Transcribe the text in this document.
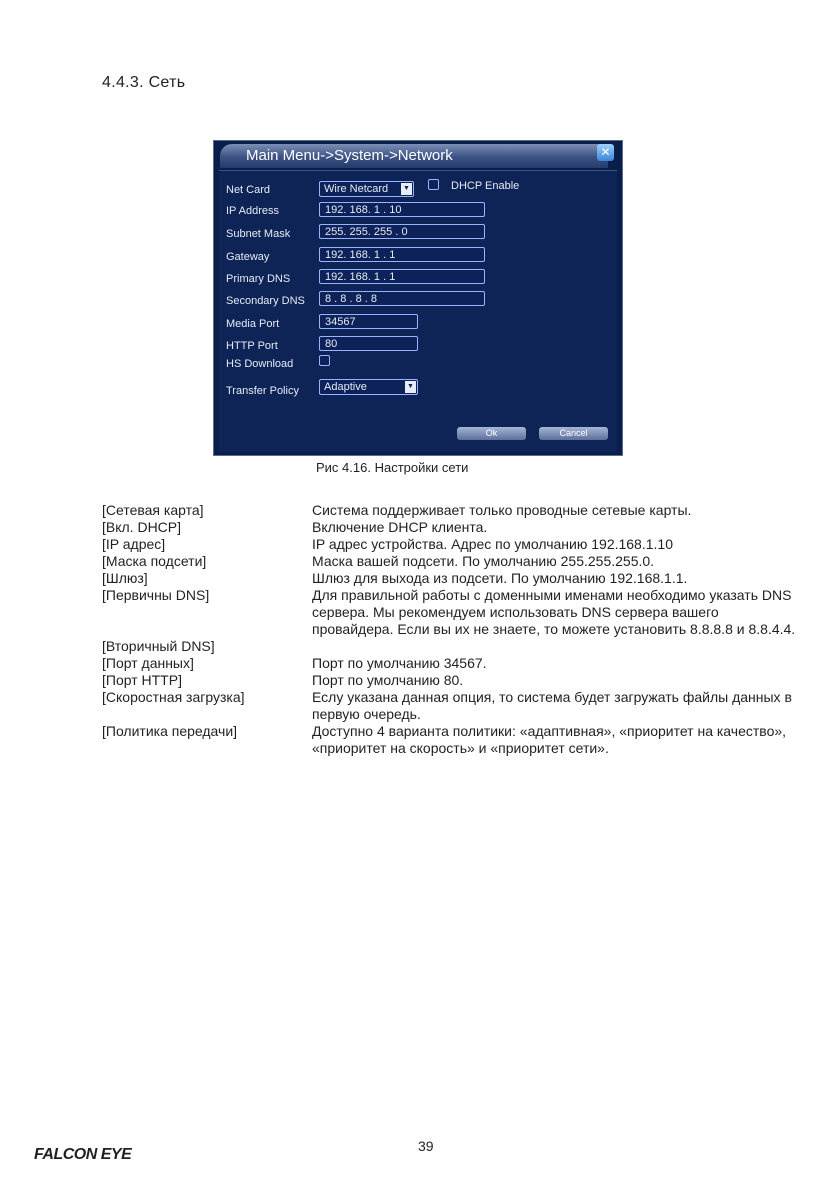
4.4.3. Сеть
Main Menu->System->Network	✕
Net Card	Wire Netcard ▼	DHCP Enable
IP Address	192. 168. 1 . 10
Subnet Mask	255. 255. 255 . 0
Gateway	192. 168. 1 . 1
Primary DNS	192. 168. 1 . 1
Secondary DNS	8 . 8 . 8 . 8
Media Port	34567
HTTP Port	80
HS Download
Transfer Policy	Adaptive	▼
Ok	Cancel
Рис 4.16. Настройки сети
[Сетевая карта]	Система поддерживает только проводные сетевые карты.
[Вкл. DHCP]	Включение DHCP клиента.
[IP адрес]	IP адрес устройства. Адрес по умолчанию 192.168.1.10
[Маска подсети]	Маска вашей подсети. По умолчанию 255.255.255.0.
[Шлюз]	Шлюз для выхода из подсети. По умолчанию 192.168.1.1.
[Первичны DNS]	Для правильной работы с доменными именами необходимо указать DNS сервера. Мы рекомендуем использовать DNS сервера вашего провайдера. Если вы их не знаете, то можете установить 8.8.8.8 и 8.8.4.4.
[Вторичный DNS]
[Порт данных]	Порт по умолчанию 34567.
[Порт HTTP]	Порт по умолчанию 80.
[Скоростная загрузка]	Еслу указана данная опция, то система будет загружать файлы данных в первую очередь.
[Политика передачи]	Доступно 4 варианта политики: «адаптивная», «приоритет на качество», «приоритет на скорость» и «приоритет сети».
FALCON EYE	39
